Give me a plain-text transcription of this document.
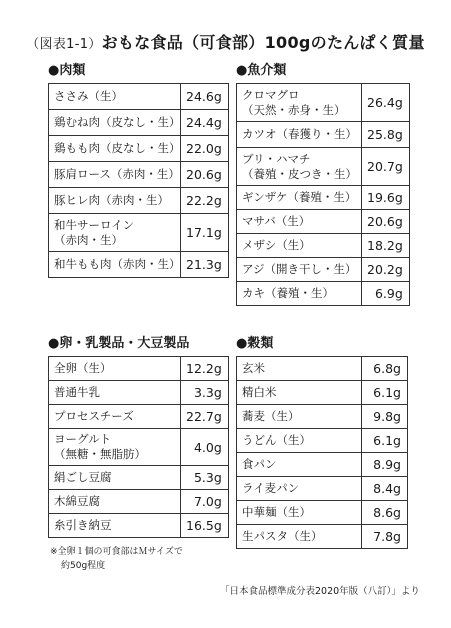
（図表1-1）おもな食品（可食部）100gのたんぱく質量
●肉類
ささみ（生）	24.6g
鶏むね肉（皮なし・生）	24.4g
鶏もも肉（皮なし・生）	22.0g
豚肩ロース（赤肉・生）	20.6g
豚ヒレ肉（赤肉・生）	22.2g
和牛サーロイン
（赤肉・生）	17.1g
和牛もも肉（赤肉・生）	21.3g
●魚介類
クロマグロ
（天然・赤身・生）	26.4g
カツオ（春獲り・生）	25.8g
ブリ・ハマチ
（養殖・皮つき・生）	20.7g
ギンザケ（養殖・生）	19.6g
マサバ（生）	20.6g
メザシ（生）	18.2g
アジ（開き干し・生）	20.2g
カキ（養殖・生）	6.9g
●卵・乳製品・大豆製品
全卵（生）	12.2g
普通牛乳	3.3g
プロセスチーズ	22.7g
ヨーグルト
（無糖・無脂肪）	4.0g
絹ごし豆腐	5.3g
木綿豆腐	7.0g
糸引き納豆	16.5g
●穀類
玄米	6.8g
精白米	6.1g
蕎麦（生）	9.8g
うどん（生）	6.1g
食パン	8.9g
ライ麦パン	8.4g
中華麺（生）	8.6g
生パスタ（生）	7.8g
※全卵１個の可食部はＭサイズで
約50g程度
「日本食品標準成分表2020年版（八訂）」より
